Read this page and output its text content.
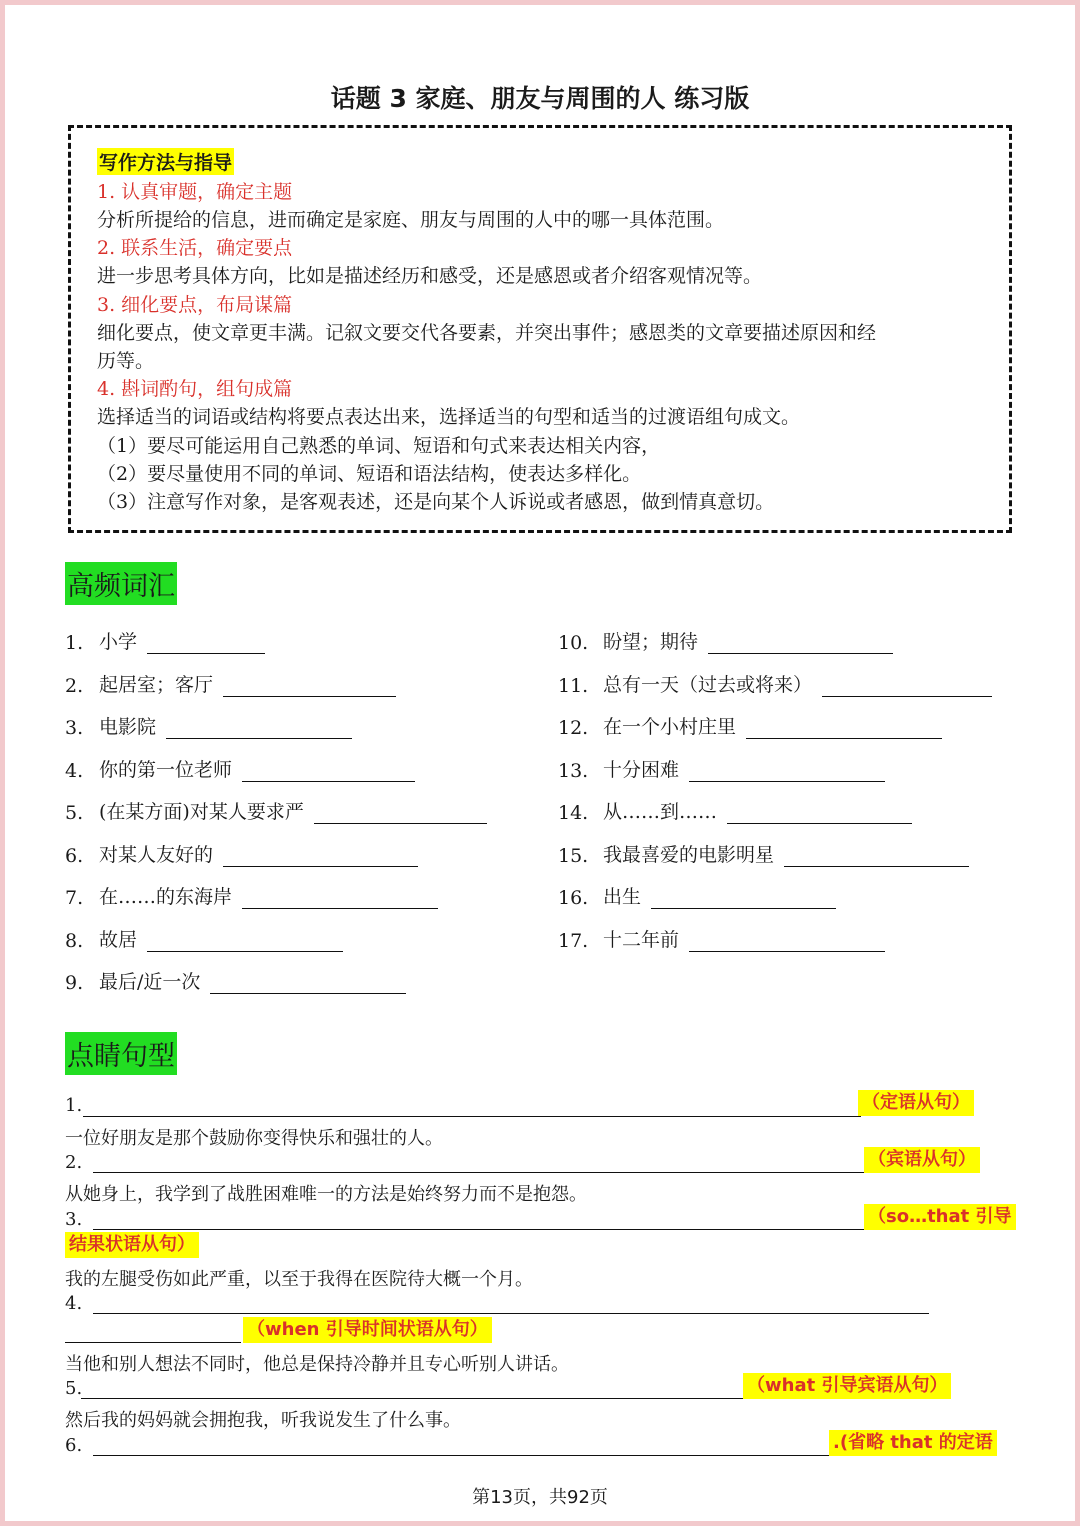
话题 3 家庭、朋友与周围的人 练习版
写作方法与指导
1. 认真审题，确定主题
分析所提给的信息，进而确定是家庭、朋友与周围的人中的哪一具体范围。
2. 联系生活，确定要点
进一步思考具体方向，比如是描述经历和感受，还是感恩或者介绍客观情况等。
3. 细化要点，布局谋篇
细化要点，使文章更丰满。记叙文要交代各要素，并突出事件；感恩类的文章要描述原因和经
历等。
4. 斟词酌句，组句成篇
选择适当的词语或结构将要点表达出来，选择适当的句型和适当的过渡语组句成文。
（1）要尽可能运用自己熟悉的单词、短语和句式来表达相关内容，
（2）要尽量使用不同的单词、短语和语法结构，使表达多样化。
（3）注意写作对象，是客观表述，还是向某个人诉说或者感恩，做到情真意切。
高频词汇
1. 小学
2. 起居室；客厅
3. 电影院
4. 你的第一位老师
5. (在某方面)对某人要求严
6. 对某人友好的
7. 在……的东海岸
8. 故居
9. 最后/近一次
10. 盼望；期待
11. 总有一天（过去或将来）
12. 在一个小村庄里
13. 十分困难
14. 从……到……
15. 我最喜爱的电影明星
16. 出生
17. 十二年前
点睛句型
1.	（定语从句）
一位好朋友是那个鼓励你变得快乐和强壮的人。
2.	（宾语从句）
从她身上，我学到了战胜困难唯一的方法是始终努力而不是抱怨。
3.	（so…that 引导
结果状语从句）
我的左腿受伤如此严重，以至于我得在医院待大概一个月。
4.
（when 引导时间状语从句）
当他和别人想法不同时，他总是保持冷静并且专心听别人讲话。
5.	（what 引导宾语从句）
然后我的妈妈就会拥抱我，听我说发生了什么事。
6.	.(省略 that 的定语
第13页，共92页
